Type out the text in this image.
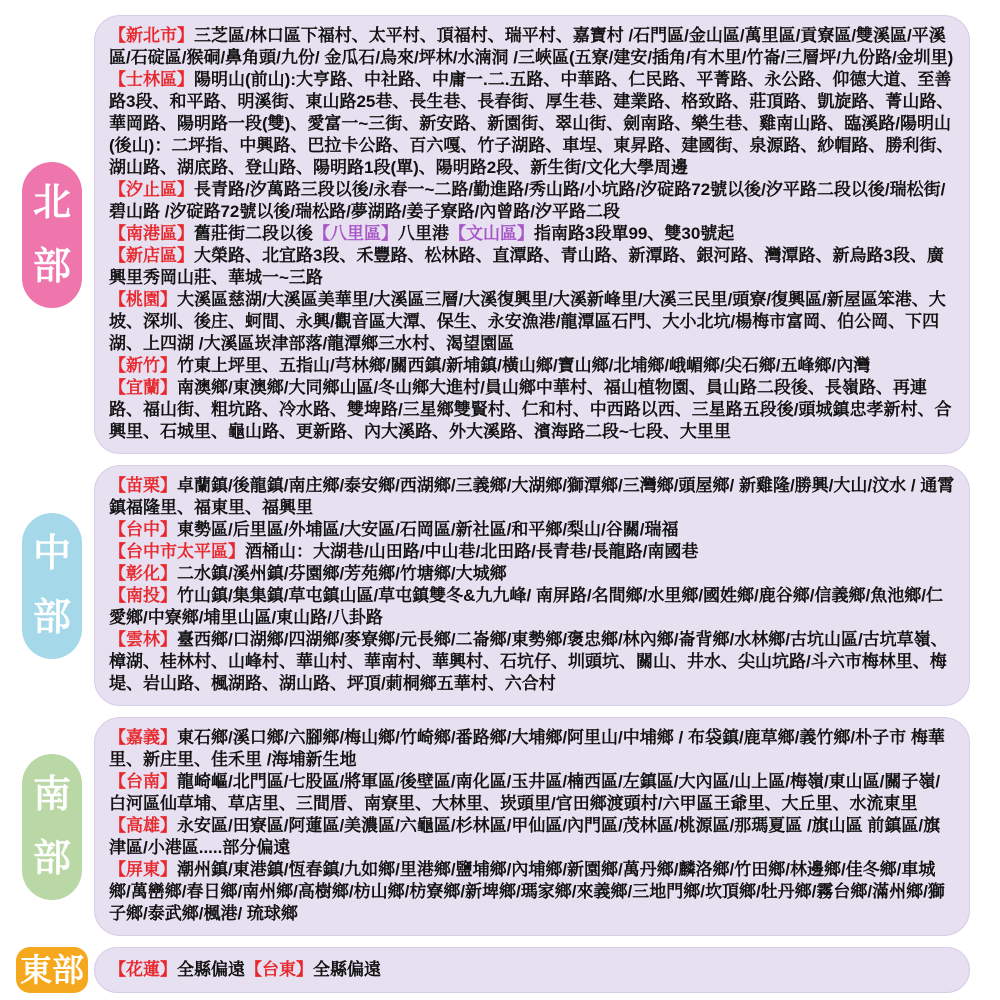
北
部

【新北市】三芝區/林口區下福村、太平村、頂福村、瑞平村、嘉寶村 /石門區/金山區/萬里區/貢寮區/雙溪區/平溪區/石碇區/猴硐/鼻角頭/九份/ 金瓜石/烏來/坪林/水湳洞 /三峽區(五寮/建安/插角/有木里/竹崙/三層坪/九份路/金圳里)

【士林區】陽明山(前山):大亨路、中社路、中庸一.二.五路、中華路、仁民路、平菁路、永公路、仰德大道、至善路3段、和平路、明溪街、東山路25巷、長生巷、長春街、厚生巷、建業路、格致路、莊頂路、凱旋路、菁山路、華岡路、陽明路一段(雙)、愛富一~三街、新安路、新園街、翠山街、劍南路、樂生巷、雞南山路、臨溪路/陽明山(後山)：二坪指、中興路、巴拉卡公路、百六嘎、竹子湖路、車埕、東昇路、建國街、泉源路、紗帽路、勝利街、湖山路、湖底路、登山路、陽明路1段(單)、陽明路2段、新生街/文化大學周邊

【汐止區】長青路/汐萬路三段以後/永春一~二路/勤進路/秀山路/小坑路/汐碇路72號以後/汐平路二段以後/瑞松街/碧山路 /汐碇路72號以後/瑞松路/夢湖路/姜子寮路/內曾路/汐平路二段

【南港區】舊莊街二段以後【八里區】八里港【文山區】指南路3段單99、雙30號起

【新店區】大榮路、北宜路3段、禾豐路、松林路、直潭路、青山路、新潭路、銀河路、灣潭路、新烏路3段、廣興里秀岡山莊、華城一~三路

【桃園】大溪區慈湖/大溪區美華里/大溪區三層/大溪復興里/大溪新峰里/大溪三民里/頭寮/復興區/新屋區笨港、大坡、深圳、後庄、蚵間、永興/觀音區大潭、保生、永安漁港/龍潭區石門、大小北坑/楊梅市富岡、伯公岡、下四湖、上四湖 /大溪區崁津部落/龍潭鄉三水村、渴望園區

【新竹】竹東上坪里、五指山/芎林鄉/關西鎮/新埔鎮/橫山鄉/寶山鄉/北埔鄉/峨嵋鄉/尖石鄉/五峰鄉/內灣

【宜蘭】南澳鄉/東澳鄉/大同鄉山區/冬山鄉大進村/員山鄉中華村、福山植物園、員山路二段後、長嶺路、再連路、福山街、粗坑路、冷水路、雙埤路/三星鄉雙賢村、仁和村、中西路以西、三星路五段後/頭城鎮忠孝新村、合興里、石城里、龜山路、更新路、內大溪路、外大溪路、濱海路二段~七段、大里里

中
部

【苗栗】卓蘭鎮/後龍鎮/南庄鄉/泰安鄉/西湖鄉/三義鄉/大湖鄉/獅潭鄉/三灣鄉/頭屋鄉/ 新雞隆/勝興/大山/汶水 / 通霄鎮福隆里、福東里、福興里

【台中】東勢區/后里區/外埔區/大安區/石岡區/新社區/和平鄉/梨山/谷關/瑞福

【台中市太平區】酒桶山：大湖巷/山田路/中山巷/北田路/長青巷/長龍路/南國巷

【彰化】二水鎮/溪州鎮/芬園鄉/芳苑鄉/竹塘鄉/大城鄉

【南投】竹山鎮/集集鎮/草屯鎮山區/草屯鎮雙冬&九九峰/ 南屏路/名間鄉/水里鄉/國姓鄉/鹿谷鄉/信義鄉/魚池鄉/仁愛鄉/中寮鄉/埔里山區/東山路/八卦路

【雲林】臺西鄉/口湖鄉/四湖鄉/麥寮鄉/元長鄉/二崙鄉/東勢鄉/褒忠鄉/林內鄉/崙背鄉/水林鄉/古坑山區/古坑草嶺、樟湖、桂林村、山峰村、華山村、華南村、華興村、石坑仔、圳頭坑、關山、井水、尖山坑路/斗六市梅林里、梅堤、岩山路、楓湖路、湖山路、坪頂/莿桐鄉五華村、六合村

南
部

【嘉義】東石鄉/溪口鄉/六腳鄉/梅山鄉/竹崎鄉/番路鄉/大埔鄉/阿里山/中埔鄉 / 布袋鎮/鹿草鄉/義竹鄉/朴子市 梅華里、新庄里、佳禾里 /海埔新生地

【台南】龍崎嶇/北門區/七股區/將軍區/後壁區/南化區/玉井區/楠西區/左鎮區/大內區/山上區/梅嶺/東山區/關子嶺/白河區仙草埔、草店里、三間厝、南寮里、大林里、崁頭里/官田鄉渡頭村/六甲區王爺里、大丘里、水流東里

【高雄】永安區/田寮區/阿蓮區/美濃區/六龜區/杉林區/甲仙區/內門區/茂林區/桃源區/那瑪夏區 /旗山區 前鎮區/旗津區/小港區.....部分偏遠

【屏東】潮州鎮/東港鎮/恆春鎮/九如鄉/里港鄉/鹽埔鄉/內埔鄉/新園鄉/萬丹鄉/麟洛鄉/竹田鄉/林邊鄉/佳冬鄉/車城鄉/萬巒鄉/春日鄉/南州鄉/高樹鄉/枋山鄉/枋寮鄉/新埤鄉/瑪家鄉/來義鄉/三地門鄉/坎頂鄉/牡丹鄉/霧台鄉/滿州鄉/獅子鄉/泰武鄉/楓港/ 琉球鄉

東 部 【花蓮】全縣偏遠【台東】全縣偏遠
